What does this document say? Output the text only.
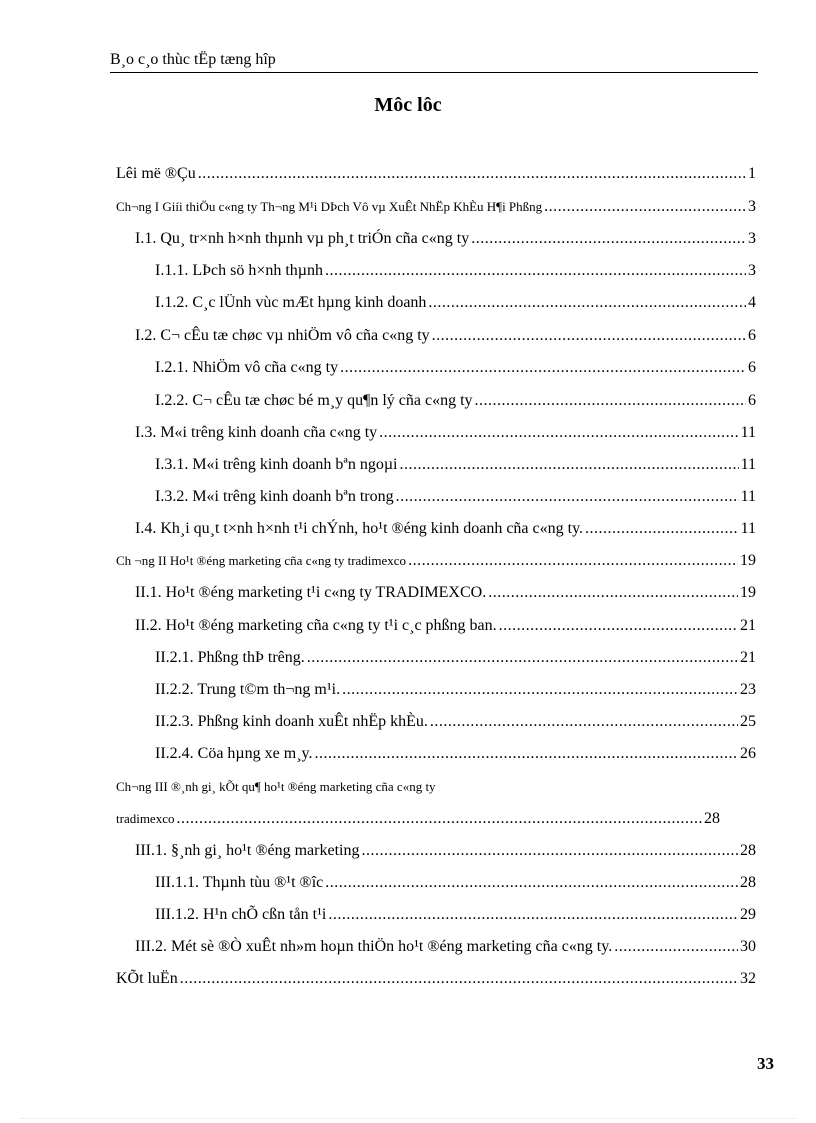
B¸o c¸o thùc tËp tæng hîp
Môc lôc
Lêi më ®Çu .....	1
Ch¬ng I Giíi thiÖu c«ng ty Th¬ng M¹i DÞch Vô vµ XuÊt NhËp KhÈu H¶i Phßng .....	3
I.1. Qu¸ tr×nh h×nh thµnh vµ ph¸t triÓn cña c«ng ty .....	3
I.1.1. LÞch sö h×nh thµnh .....	3
I.1.2. C¸c lÜnh vùc mÆt hµng kinh doanh .....	4
I.2. C¬ cÊu tæ chøc vµ nhiÖm vô cña c«ng ty .....	6
I.2.1. NhiÖm vô cña c«ng ty .....	6
I.2.2. C¬ cÊu tæ chøc bé m¸y qu¶n lý cña c«ng ty .....	6
I.3. M«i trêng kinh doanh cña c«ng ty .....	11
I.3.1. M«i trêng kinh doanh bªn ngoµi .....	11
I.3.2. M«i trêng kinh doanh bªn trong .....	11
I.4. Kh¸i qu¸t t×nh h×nh t¹i chÝnh, ho¹t ®éng kinh doanh cña c«ng ty. .....	11
Ch ¬ng II Ho¹t ®éng marketing cña c«ng ty tradimexco .....	19
II.1. Ho¹t ®éng marketing t¹i c«ng ty TRADIMEXCO. .....	19
II.2. Ho¹t ®éng marketing cña c«ng ty t¹i c¸c phßng ban. .....	21
II.2.1. Phßng thÞ trêng. .....	21
II.2.2. Trung t©m th¬ng m¹i. .....	23
II.2.3. Phßng kinh doanh xuÊt nhËp khÈu. .....	25
II.2.4. Cöa hµng xe m¸y. .....	26
Ch¬ng III ®¸nh gi¸ kÕt qu¶ ho¹t ®éng marketing cña c«ng ty
tradimexco .....	28
III.1. §¸nh gi¸ ho¹t ®éng marketing .....	28
III.1.1. Thµnh tùu ®¹t ®îc .....	28
III.1.2. H¹n chÕ cßn tån t¹i .....	29
III.2. Mét sè ®Ò xuÊt nh»m hoµn thiÖn ho¹t ®éng marketing cña c«ng ty. .....	30
KÕt luËn .....	32
33
